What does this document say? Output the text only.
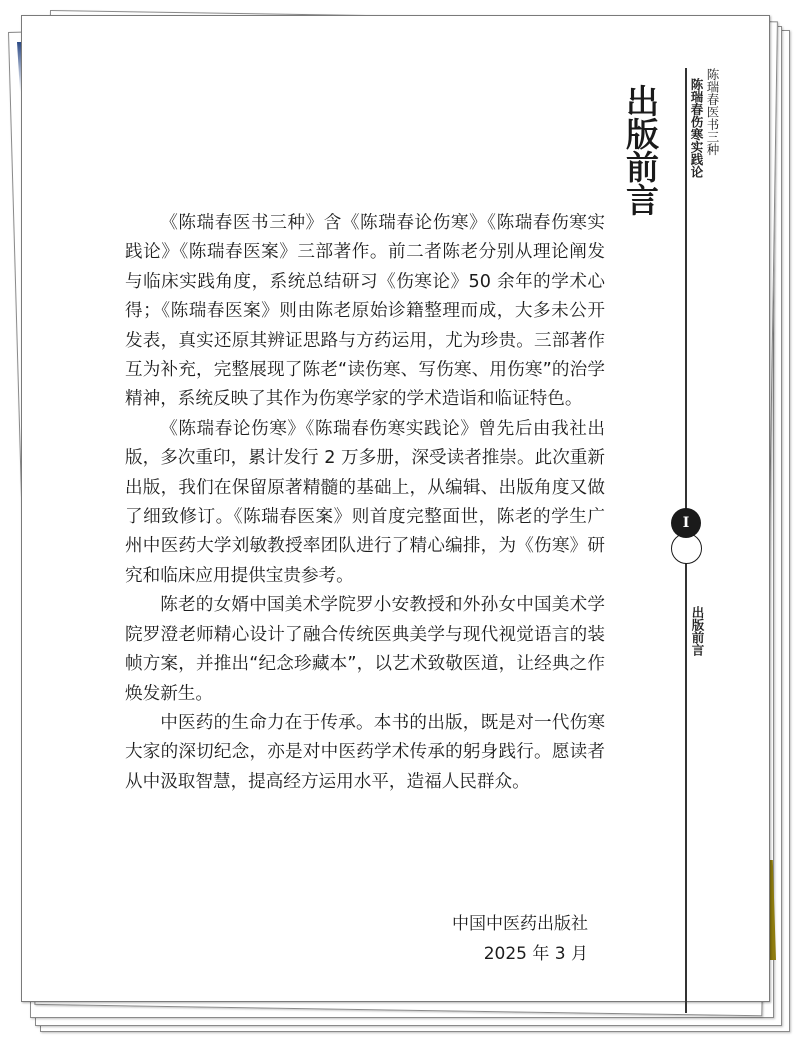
出版前言	陈瑞春医书三种
陈瑞春伤寒实践论
I
出版前言

《陈瑞春医书三种》含《陈瑞春论伤寒》《陈瑞春伤寒实践论》《陈瑞春医案》三部著作。前二者陈老分别从理论阐发与临床实践角度，系统总结研习《伤寒论》50 余年的学术心得；《陈瑞春医案》则由陈老原始诊籍整理而成，大多未公开发表，真实还原其辨证思路与方药运用，尤为珍贵。三部著作互为补充，完整展现了陈老“读伤寒、写伤寒、用伤寒”的治学精神，系统反映了其作为伤寒学家的学术造诣和临证特色。

《陈瑞春论伤寒》《陈瑞春伤寒实践论》曾先后由我社出版，多次重印，累计发行 2 万多册，深受读者推崇。此次重新出版，我们在保留原著精髓的基础上，从编辑、出版角度又做了细致修订。《陈瑞春医案》则首度完整面世，陈老的学生广州中医药大学刘敏教授率团队进行了精心编排，为《伤寒》研究和临床应用提供宝贵参考。

陈老的女婿中国美术学院罗小安教授和外孙女中国美术学院罗澄老师精心设计了融合传统医典美学与现代视觉语言的装帧方案，并推出“纪念珍藏本”，以艺术致敬医道，让经典之作焕发新生。

中医药的生命力在于传承。本书的出版，既是对一代伤寒大家的深切纪念，亦是对中医药学术传承的躬身践行。愿读者从中汲取智慧，提高经方运用水平，造福人民群众。

中国中医药出版社
2025 年 3 月
